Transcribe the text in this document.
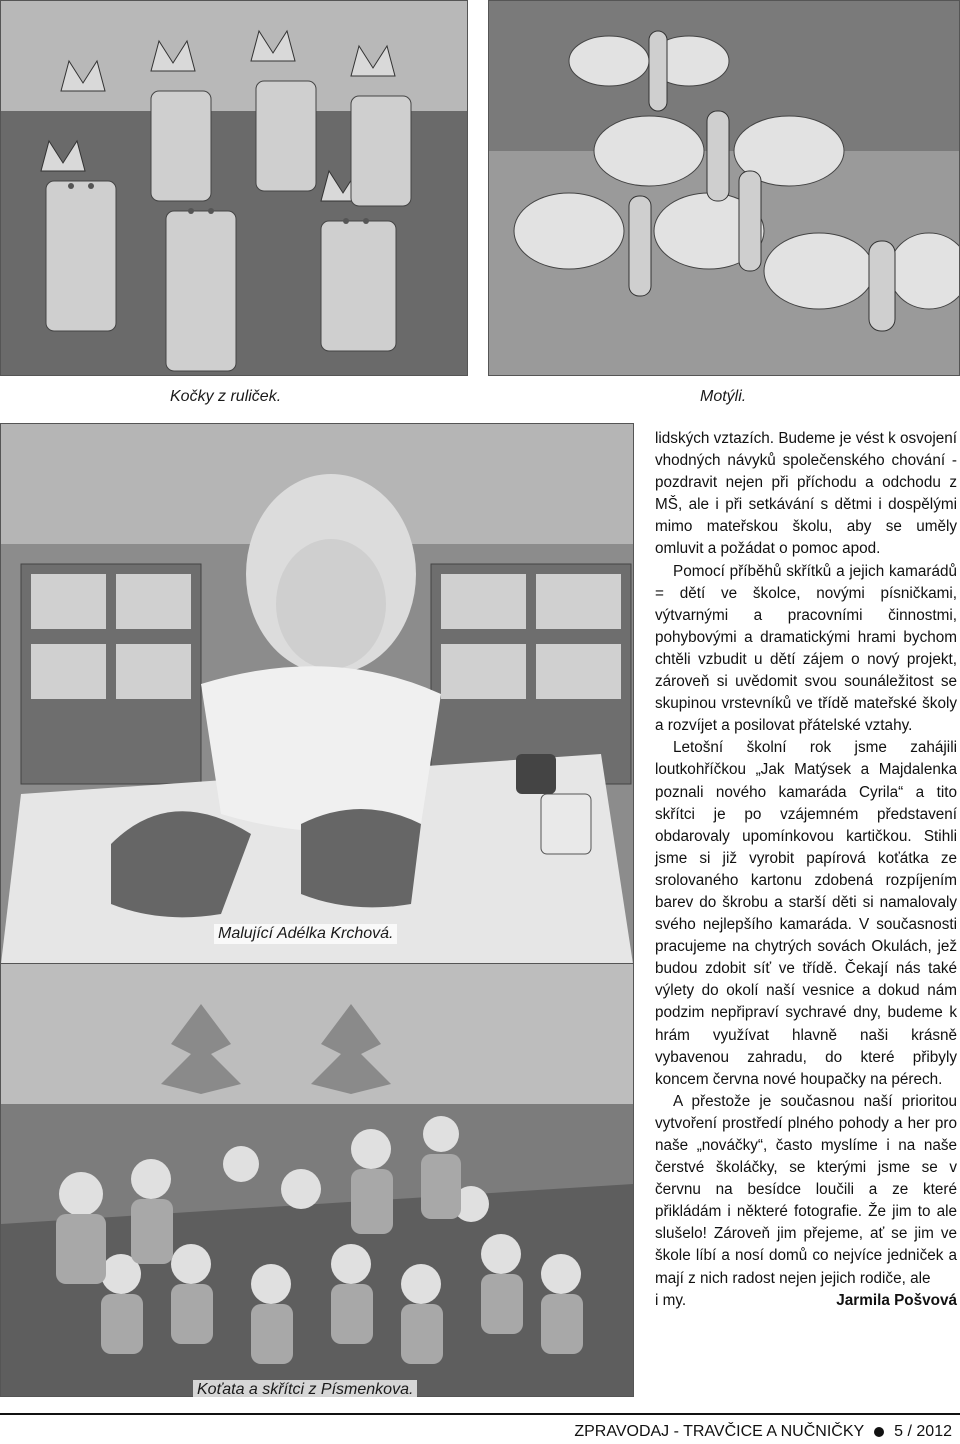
Kočky z ruliček.	Motýli.
Malující Adélka Krchová.
Koťata a skřítci z Písmenkova.

lidských vztazích. Budeme je vést k osvojení vhodných návyků společenského chování - pozdravit nejen při příchodu a odchodu z MŠ, ale i při setkávání s dětmi i dospělými mimo mateřskou školu, aby se uměly omluvit a požádat o pomoc apod.

Pomocí příběhů skřítků a jejich kamarádů = dětí ve školce, novými písničkami, výtvarnými a pracovními činnostmi, pohybovými a dramatickými hrami bychom chtěli vzbudit u dětí zájem o nový projekt, zároveň si uvědomit svou sounáležitost se skupinou vrstevníků ve třídě mateřské školy a rozvíjet a posilovat přátelské vztahy.

Letošní školní rok jsme zahájili loutkohříčkou „Jak Matýsek a Majdalenka poznali nového kamaráda Cyrila“ a tito skřítci je po vzájemném představení obdarovaly upomínkovou kartičkou. Stihli jsme si již vyrobit papírová koťátka ze srolovaného kartonu zdobená rozpíjením barev do škrobu a starší děti si namalovaly svého nejlepšího kamaráda. V současnosti pracujeme na chytrých sovách Okulách, jež budou zdobit síť ve třídě. Čekají nás také výlety do okolí naší vesnice a dokud nám podzim nepřipraví sychravé dny, budeme k hrám využívat hlavně naši krásně vybavenou zahradu, do které přibyly koncem června nové houpačky na pérech.

A přestože je současnou naší prioritou vytvoření prostředí plného pohody a her pro naše „nováčky“, často myslíme i na naše čerstvé školáčky, se kterými jsme se v červnu na besídce loučili a ze které přikládám i některé fotografie. Že jim to ale slušelo! Zároveň jim přejeme, ať se jim ve škole líbí a nosí domů co nejvíce jedniček a mají z nich radost nejen jejich rodiče, ale

i my.	Jarmila Pošvová
ZPRAVODAJ - TRAVČICE A NUČNIČKY 5 / 2012
